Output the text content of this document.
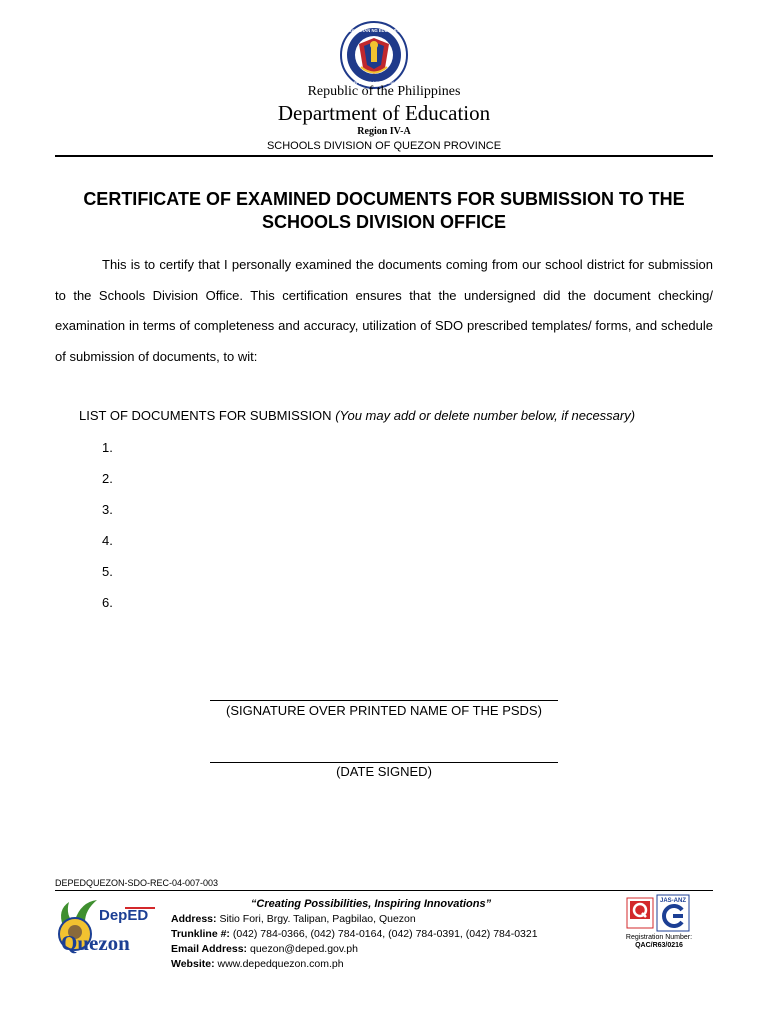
KAGAWARAN NG EDUKASYON
REPUBLIKA NG PILIPINAS
Republic of the Philippines
Department of Education
Region IV-A
SCHOOLS DIVISION OF QUEZON PROVINCE
CERTIFICATE OF EXAMINED DOCUMENTS FOR SUBMISSION TO THE SCHOOLS DIVISION OFFICE
This is to certify that I personally examined the documents coming from our school district for submission to the Schools Division Office. This certification ensures that the undersigned did the document checking/ examination in terms of completeness and accuracy, utilization of SDO prescribed templates/ forms, and schedule of submission of documents, to wit:
LIST OF DOCUMENTS FOR SUBMISSION (You may add or delete number below, if necessary)
1.
2.
3.
4.
5.
6.
(SIGNATURE OVER PRINTED NAME OF THE PSDS)
(DATE SIGNED)
DEPEDQUEZON-SDO-REC-04-007-003
DepED
Quezon
“Creating Possibilities, Inspiring Innovations”
Address: Sitio Fori, Brgy. Talipan, Pagbilao, Quezon
Trunkline #: (042) 784-0366, (042) 784-0164, (042) 784-0391, (042) 784-0321
Email Address: quezon@deped.gov.ph
Website: www.depedquezon.com.ph
JAS-ANZ
Registration Number:
QAC/R63/0216
